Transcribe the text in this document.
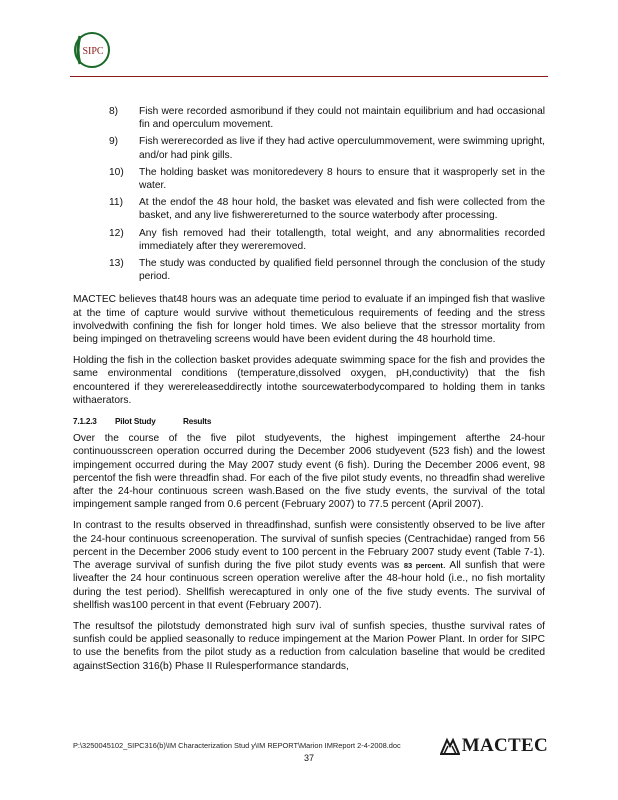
SIPC
8)	Fish were recorded asmoribund if they could not maintain equilibrium and had occasional fin and operculum movement.
9)	Fish wererecorded as live if they had active operculummovement, were swimming upright, and/or had pink gills.
10)	The holding basket was monitoredevery 8 hours to ensure that it wasproperly set in the water.
11)	At the endof the 48 hour hold, the basket was elevated and fish were collected from the basket, and any live fishwerereturned to the source waterbody after processing.
12)	Any fish removed had their totallength, total weight, and any abnormalities recorded immediately after they wereremoved.
13)	The study was conducted by qualified field personnel through the conclusion of the study period.

MACTEC believes that48 hours was an adequate time period to evaluate if an impinged fish that waslive at the time of capture would survive without themeticulous requirements of feeding and the stress involvedwith confining the fish for longer hold times. We also believe that the stressor mortality from being impinged on thetraveling screens would have been evident during the 48 hourhold time.

Holding the fish in the collection basket provides adequate swimming space for the fish and provides the same environmental conditions (temperature,dissolved oxygen, pH,conductivity) that the fish encountered if they werereleaseddirectly intothe sourcewaterbodycompared to holding them in tanks withaerators.

7.1.2.3 Pilot Study	Results

Over the course of the five pilot studyevents, the highest impingement afterthe 24-hour continuousscreen operation occurred during the December 2006 studyevent (523 fish) and the lowest impingement occurred during the May 2007 study event (6 fish). During the December 2006 event, 98 percentof the fish were threadfin shad. For each of the five pilot study events, no threadfin shad werelive after the 24-hour continuous screen wash.Based on the five study events, the survival of the total impingement sample ranged from 0.6 percent (February 2007) to 77.5 percent (April 2007).

In contrast to the results observed in threadfinshad, sunfish were consistently observed to be live after the 24-hour continuous screenoperation. The survival of sunfish species (Centrachidae) ranged from 56 percent in the December 2006 study event to 100 percent in the February 2007 study event (Table 7-1). The average survival of sunfish during the five pilot study events was 83 percent. All sunfish that were liveafter the 24 hour continuous screen operation werelive after the 48-hour hold (i.e., no fish mortality during the test period). Shellfish werecaptured in only one of the five study events. The survival of shellfish was100 percent in that event (February 2007).

The resultsof the pilotstudy demonstrated high surv ival of sunfish species, thusthe survival rates of sunfish could be applied seasonally to reduce impingement at the Marion Power Plant. In order for SIPC to use the benefits from the pilot study as a reduction from calculation baseline that would be credited againstSection 316(b) Phase II Rulesperformance standards,

P:\3250045102_SIPC316(b)\IM Characterization Stud y\IM REPORT\Marion IMReport 2-4-2008.doc	MACTEC
37
